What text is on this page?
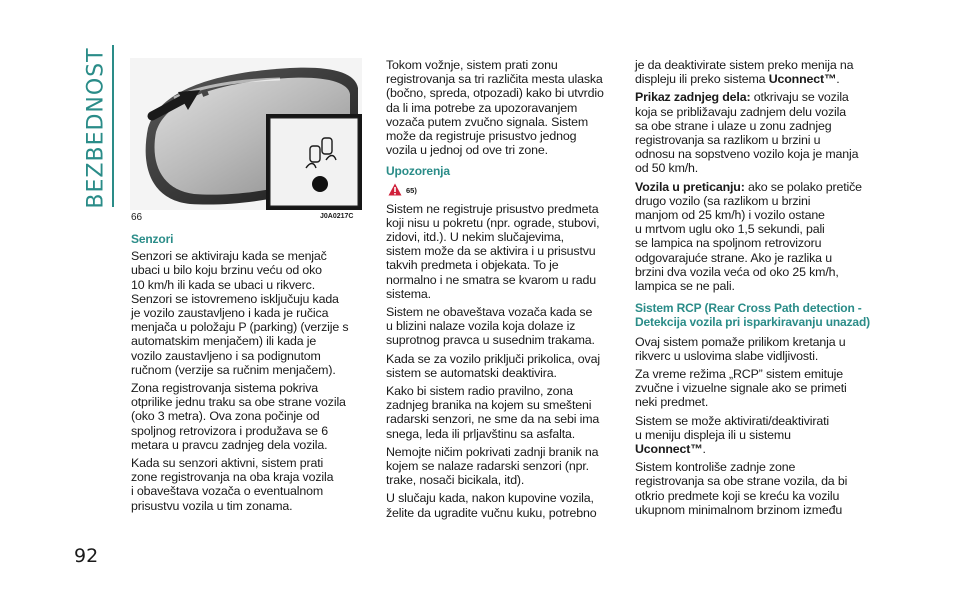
BEZBEDNOST
92
66	J0A0217C

Senzori

Senzori se aktiviraju kada se menjač
ubaci u bilo koju brzinu veću od oko
10 km/h ili kada se ubaci u rikverc.
Senzori se istovremeno isključuju kada
je vozilo zaustavljeno i kada je ručica
menjača u položaju P (parking) (verzije s
automatskim menjačem) ili kada je
vozilo zaustavljeno i sa podignutom
ručnom (verzije sa ručnim menjačem).

Zona registrovanja sistema pokriva
otprilike jednu traku sa obe strane vozila
(oko 3 metra). Ova zona počinje od
spoljnog retrovizora i produžava se 6
metara u pravcu zadnjeg dela vozila.

Kada su senzori aktivni, sistem prati
zone registrovanja na oba kraja vozila
i obaveštava vozača o eventualnom
prisustvu vozila u tim zonama.

Tokom vožnje, sistem prati zonu
registrovanja sa tri različita mesta ulaska
(bočno, spreda, otpozadi) kako bi utvrdio
da li ima potrebe za upozoravanjem
vozača putem zvučno signala. Sistem
može da registruje prisustvo jednog
vozila u jednoj od ove tri zone.

Upozorenja

65)

Sistem ne registruje prisustvo predmeta
koji nisu u pokretu (npr. ograde, stubovi,
zidovi, itd.). U nekim slučajevima,
sistem može da se aktivira i u prisustvu
takvih predmeta i objekata. To je
normalno i ne smatra se kvarom u radu
sistema.

Sistem ne obaveštava vozača kada se
u blizini nalaze vozila koja dolaze iz
suprotnog pravca u susednim trakama.

Kada se za vozilo priključi prikolica, ovaj
sistem se automatski deaktivira.

Kako bi sistem radio pravilno, zona
zadnjeg branika na kojem su smešteni
radarski senzori, ne sme da na sebi ima
snega, leda ili prljavštinu sa asfalta.

Nemojte ničim pokrivati zadnji branik na
kojem se nalaze radarski senzori (npr.
trake, nosači bicikala, itd).

U slučaju kada, nakon kupovine vozila,
želite da ugradite vučnu kuku, potrebno

je da deaktivirate sistem preko menija na
displeju ili preko sistema Uconnect™.

Prikaz zadnjeg dela: otkrivaju se vozila
koja se približavaju zadnjem delu vozila
sa obe strane i ulaze u zonu zadnjeg
registrovanja sa razlikom u brzini u
odnosu na sopstveno vozilo koja je manja
od 50 km/h.

Vozila u preticanju: ako se polako pretiče
drugo vozilo (sa razlikom u brzini
manjom od 25 km/h) i vozilo ostane
u mrtvom uglu oko 1,5 sekundi, pali
se lampica na spoljnom retrovizoru
odgovarajuće strane. Ako je razlika u
brzini dva vozila veća od oko 25 km/h,
lampica se ne pali.

Sistem RCP (Rear Cross Path detection -
Detekcija vozila pri isparkiravanju unazad)

Ovaj sistem pomaže prilikom kretanja u
rikverc u uslovima slabe vidljivosti.

Za vreme režima „RCP” sistem emituje
zvučne i vizuelne signale ako se primeti
neki predmet.

Sistem se može aktivirati/deaktivirati
u meniju displeja ili u sistemu
Uconnect™.

Sistem kontroliše zadnje zone
registrovanja sa obe strane vozila, da bi
otkrio predmete koji se kreću ka vozilu
ukupnom minimalnom brzinom između
